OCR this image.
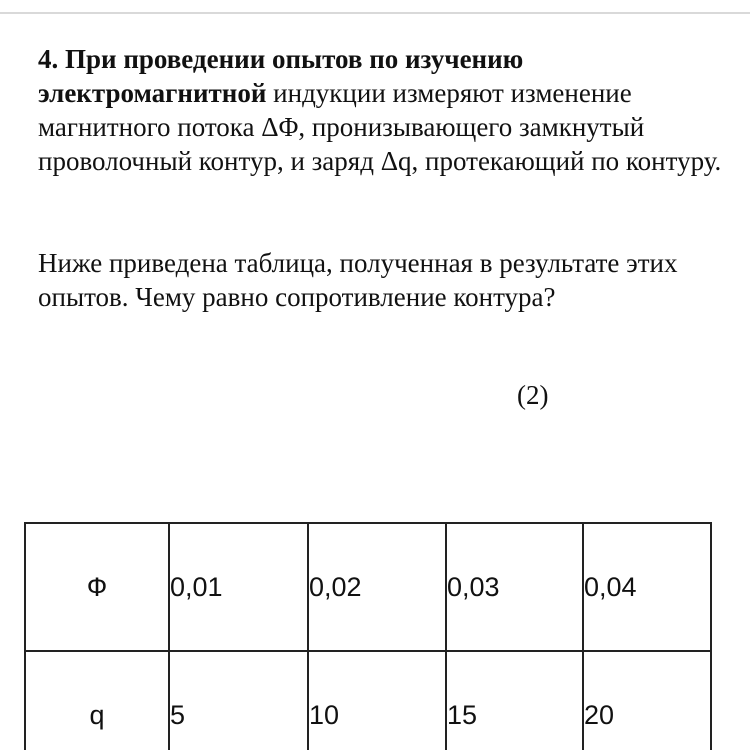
4. При проведении опытов по изучению электромагнитной индукции измеряют изменение магнитного потока ΔΦ, пронизывающего замкнутый проволочный контур, и заряд Δq, протекающий по контуру.

Ниже приведена таблица, полученная в результате этих опытов. Чему равно сопротивление контура?

(2)
Ф	0,01	0,02	0,03	0,04
q	5	10	15	20
